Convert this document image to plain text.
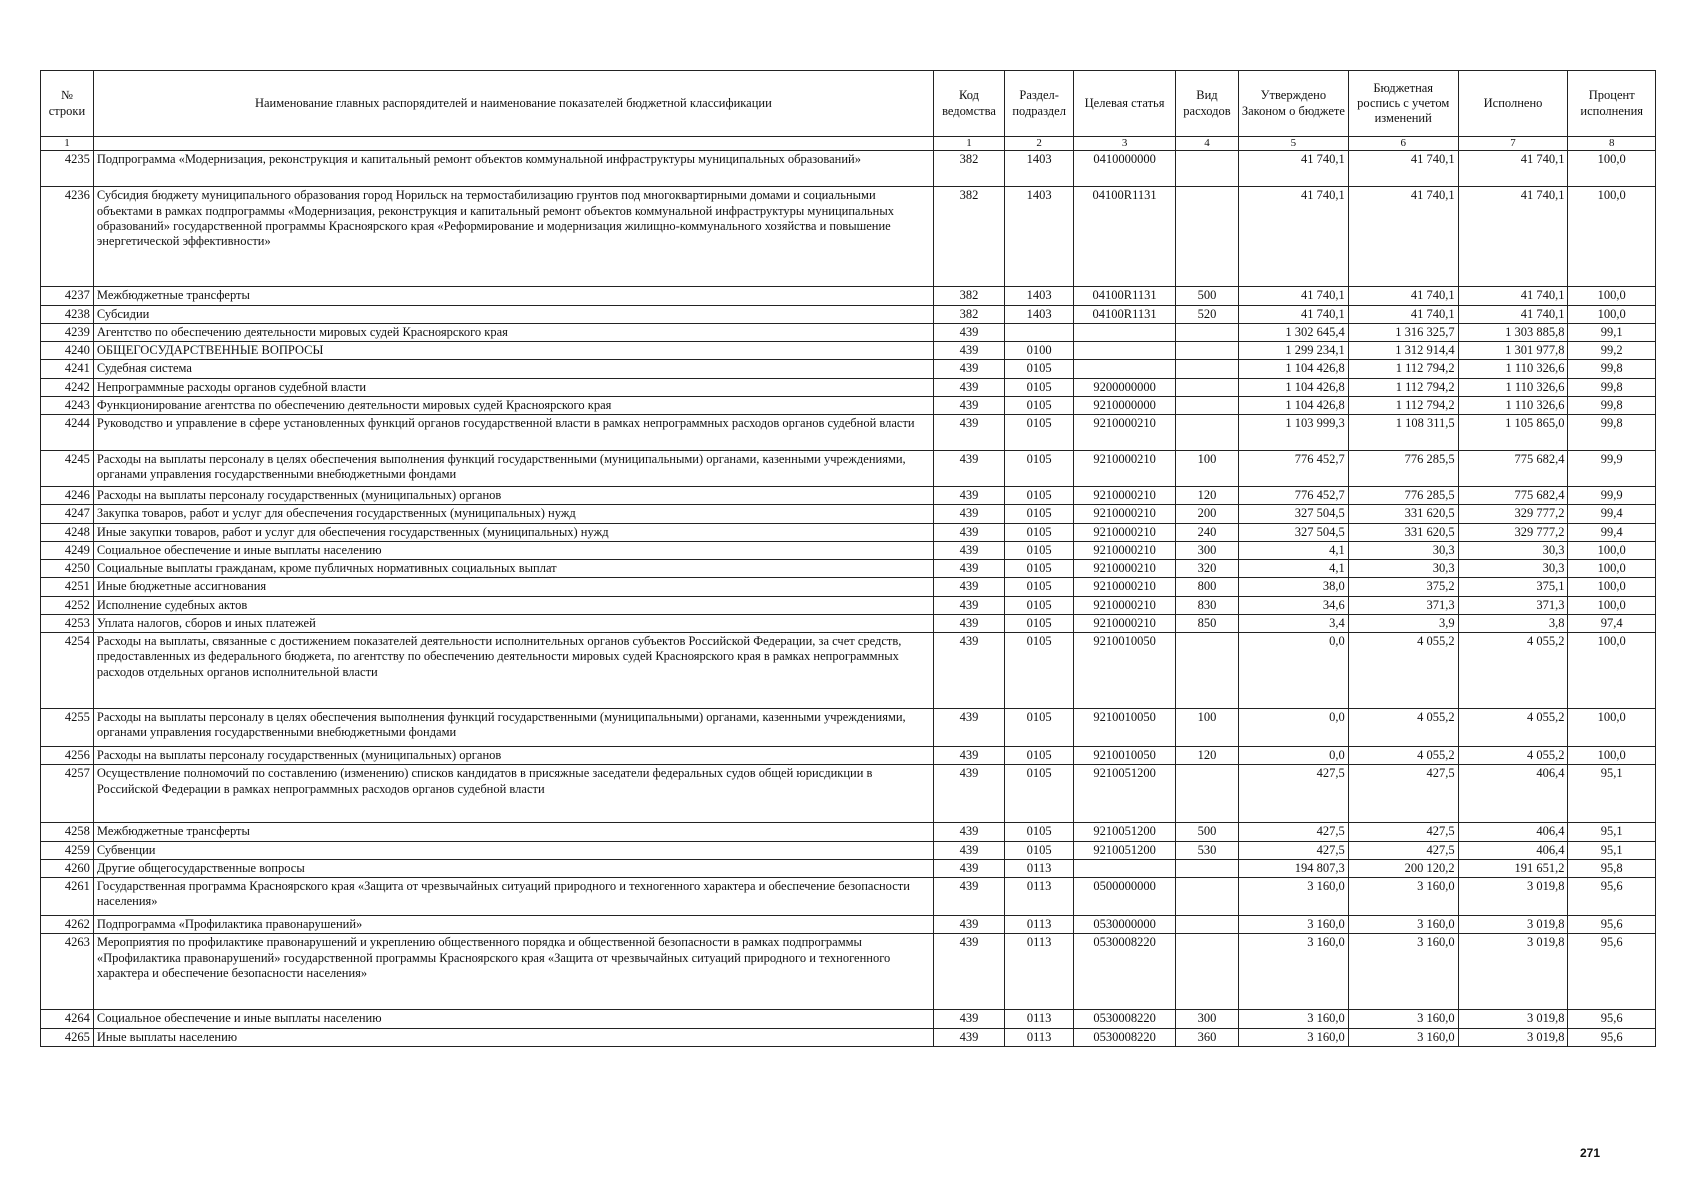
№ строки	Наименование главных распорядителей и наименование показателей бюджетной классификации	Код ведомства	Раздел-подраздел	Целевая статья	Вид расходов	Утверждено Законом о бюджете	Бюджетная роспись с учетом изменений	Исполнено	Процент исполнения
1		1	2	3	4	5	6	7	8
4235	Подпрограмма «Модернизация, реконструкция и капитальный ремонт объектов коммунальной инфраструктуры муниципальных образований»	382	1403	0410000000		41 740,1	41 740,1	41 740,1	100,0
4236	Субсидия бюджету муниципального образования город Норильск на термостабилизацию грунтов под многоквартирными домами и социальными объектами в рамках подпрограммы «Модернизация, реконструкция и капитальный ремонт объектов коммунальной инфраструктуры муниципальных образований» государственной программы Красноярского края «Реформирование и модернизация жилищно-коммунального хозяйства и повышение энергетической эффективности»	382	1403	04100R1131		41 740,1	41 740,1	41 740,1	100,0
4237	Межбюджетные трансферты	382	1403	04100R1131	500	41 740,1	41 740,1	41 740,1	100,0
4238	Субсидии	382	1403	04100R1131	520	41 740,1	41 740,1	41 740,1	100,0
4239	Агентство по обеспечению деятельности мировых судей Красноярского края	439				1 302 645,4	1 316 325,7	1 303 885,8	99,1
4240	ОБЩЕГОСУДАРСТВЕННЫЕ ВОПРОСЫ	439	0100			1 299 234,1	1 312 914,4	1 301 977,8	99,2
4241	Судебная система	439	0105			1 104 426,8	1 112 794,2	1 110 326,6	99,8
4242	Непрограммные расходы органов судебной власти	439	0105	9200000000		1 104 426,8	1 112 794,2	1 110 326,6	99,8
4243	Функционирование агентства по обеспечению деятельности мировых судей Красноярского края	439	0105	9210000000		1 104 426,8	1 112 794,2	1 110 326,6	99,8
4244	Руководство и управление в сфере установленных функций органов государственной власти в рамках непрограммных расходов органов судебной власти	439	0105	9210000210		1 103 999,3	1 108 311,5	1 105 865,0	99,8
4245	Расходы на выплаты персоналу в целях обеспечения выполнения функций государственными (муниципальными) органами, казенными учреждениями, органами управления государственными внебюджетными фондами	439	0105	9210000210	100	776 452,7	776 285,5	775 682,4	99,9
4246	Расходы на выплаты персоналу государственных (муниципальных) органов	439	0105	9210000210	120	776 452,7	776 285,5	775 682,4	99,9
4247	Закупка товаров, работ и услуг для обеспечения государственных (муниципальных) нужд	439	0105	9210000210	200	327 504,5	331 620,5	329 777,2	99,4
4248	Иные закупки товаров, работ и услуг для обеспечения государственных (муниципальных) нужд	439	0105	9210000210	240	327 504,5	331 620,5	329 777,2	99,4
4249	Социальное обеспечение и иные выплаты населению	439	0105	9210000210	300	4,1	30,3	30,3	100,0
4250	Социальные выплаты гражданам, кроме публичных нормативных социальных выплат	439	0105	9210000210	320	4,1	30,3	30,3	100,0
4251	Иные бюджетные ассигнования	439	0105	9210000210	800	38,0	375,2	375,1	100,0
4252	Исполнение судебных актов	439	0105	9210000210	830	34,6	371,3	371,3	100,0
4253	Уплата налогов, сборов и иных платежей	439	0105	9210000210	850	3,4	3,9	3,8	97,4
4254	Расходы на выплаты, связанные с достижением показателей деятельности исполнительных органов субъектов Российской Федерации, за счет средств, предоставленных из федерального бюджета, по агентству по обеспечению деятельности мировых судей Красноярского края в рамках непрограммных расходов отдельных органов исполнительной власти	439	0105	9210010050		0,0	4 055,2	4 055,2	100,0
4255	Расходы на выплаты персоналу в целях обеспечения выполнения функций государственными (муниципальными) органами, казенными учреждениями, органами управления государственными внебюджетными фондами	439	0105	9210010050	100	0,0	4 055,2	4 055,2	100,0
4256	Расходы на выплаты персоналу государственных (муниципальных) органов	439	0105	9210010050	120	0,0	4 055,2	4 055,2	100,0
4257	Осуществление полномочий по составлению (изменению) списков кандидатов в присяжные заседатели федеральных судов общей юрисдикции в Российской Федерации в рамках непрограммных расходов органов судебной власти	439	0105	9210051200		427,5	427,5	406,4	95,1
4258	Межбюджетные трансферты	439	0105	9210051200	500	427,5	427,5	406,4	95,1
4259	Субвенции	439	0105	9210051200	530	427,5	427,5	406,4	95,1
4260	Другие общегосударственные вопросы	439	0113			194 807,3	200 120,2	191 651,2	95,8
4261	Государственная программа Красноярского края «Защита от чрезвычайных ситуаций природного и техногенного характера и обеспечение безопасности населения»	439	0113	0500000000		3 160,0	3 160,0	3 019,8	95,6
4262	Подпрограмма «Профилактика правонарушений»	439	0113	0530000000		3 160,0	3 160,0	3 019,8	95,6
4263	Мероприятия по профилактике правонарушений и укреплению общественного порядка и общественной безопасности в рамках подпрограммы «Профилактика правонарушений» государственной программы Красноярского края «Защита от чрезвычайных ситуаций природного и техногенного характера и обеспечение безопасности населения»	439	0113	0530008220		3 160,0	3 160,0	3 019,8	95,6
4264	Социальное обеспечение и иные выплаты населению	439	0113	0530008220	300	3 160,0	3 160,0	3 019,8	95,6
4265	Иные выплаты населению	439	0113	0530008220	360	3 160,0	3 160,0	3 019,8	95,6
271
